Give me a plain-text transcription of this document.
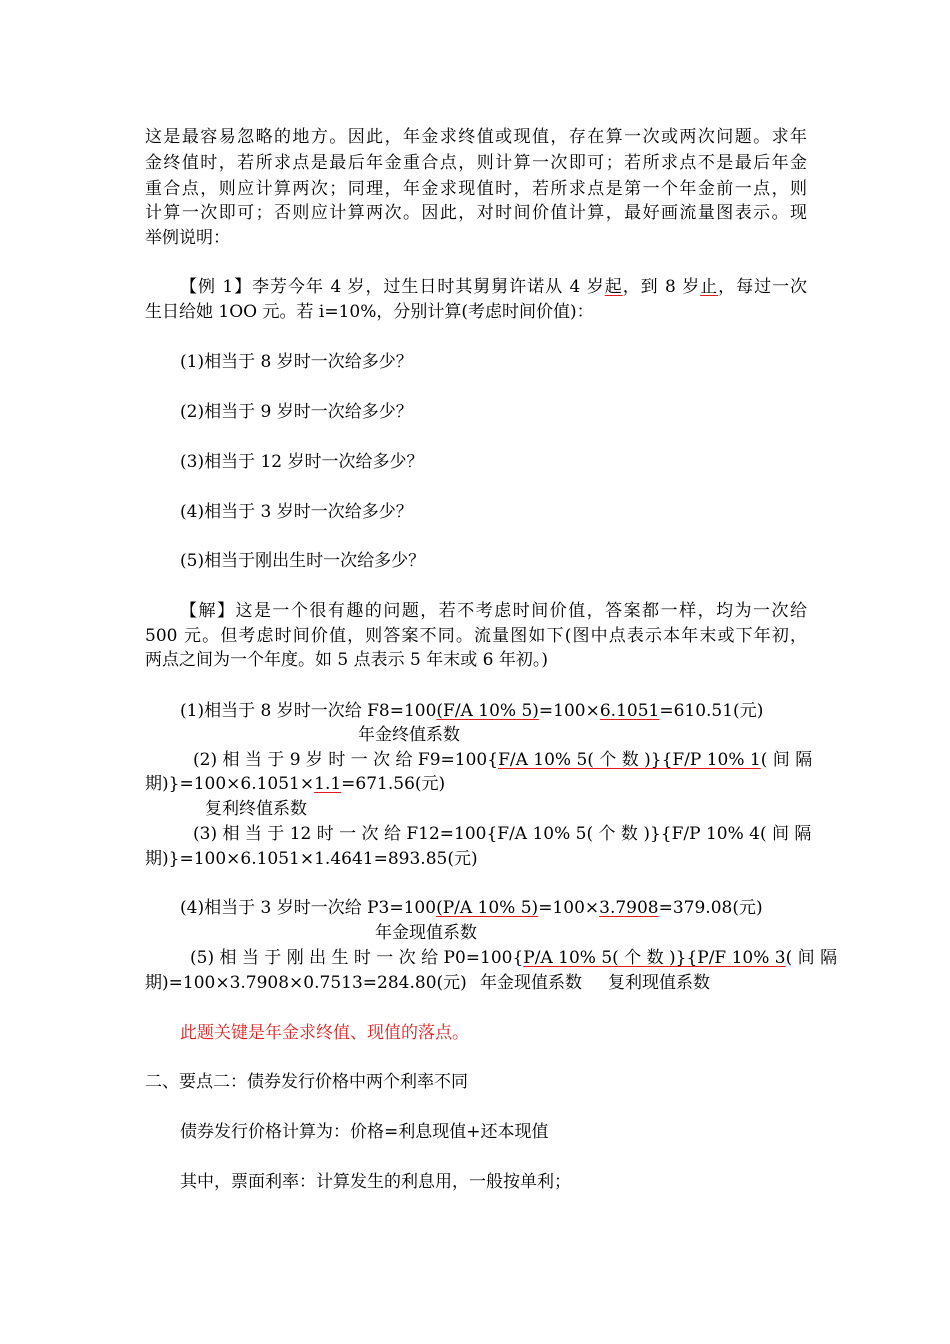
这是最容易忽略的地方。因此，年金求终值或现值，存在算一次或两次问题。求年
金终值时，若所求点是最后年金重合点，则计算一次即可；若所求点不是最后年金
重合点，则应计算两次；同理，年金求现值时，若所求点是第一个年金前一点，则
计算一次即可；否则应计算两次。因此，对时间价值计算，最好画流量图表示。现
举例说明：
【例 1】李芳今年 4 岁，过生日时其舅舅许诺从 4 岁起，到 8 岁止，每过一次
生日给她 1OO 元。若 i=10%，分别计算(考虑时间价值)：
(1)相当于 8 岁时一次给多少？
(2)相当于 9 岁时一次给多少？
(3)相当于 12 岁时一次给多少？
(4)相当于 3 岁时一次给多少？
(5)相当于刚出生时一次给多少？
【解】这是一个很有趣的问题，若不考虑时间价值，答案都一样，均为一次给
500 元。但考虑时间价值，则答案不同。流量图如下(图中点表示本年末或下年初，
两点之间为一个年度。如 5 点表示 5 年末或 6 年初。)
(1)相当于 8 岁时一次给 F8=100(F/A 10% 5)=100×6.1051=610.51(元)
年金终值系数
(2) 相 当 于 9 岁 时 一 次 给 F9=100{F/A 10% 5( 个 数 )}{F/P 10% 1( 间 隔
期)}=100×6.1051×1.1=671.56(元)
复利终值系数
(3) 相 当 于 12 时 一 次 给 F12=100{F/A 10% 5( 个 数 )}{F/P 10% 4( 间 隔
期)}=100×6.1051×1.4641=893.85(元)
(4)相当于 3 岁时一次给 P3=100(P/A 10% 5)=100×3.7908=379.08(元)
年金现值系数
(5) 相 当 于 刚 出 生 时 一 次 给 P0=100{P/A 10% 5( 个 数 )}{P/F 10% 3( 间 隔
期)=100×3.7908×0.7513=284.80(元) 年金现值系数	复利现值系数
此题关键是年金求终值、现值的落点。
二、要点二：债券发行价格中两个利率不同
债券发行价格计算为：价格=利息现值+还本现值
其中，票面利率：计算发生的利息用，一般按单利；
